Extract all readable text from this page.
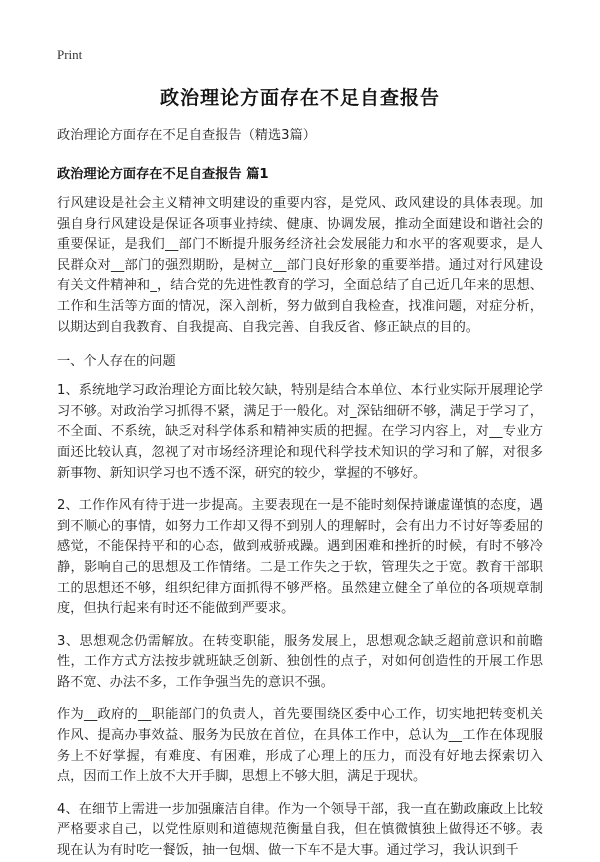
Print
政治理论方面存在不足自查报告
政治理论方面存在不足自查报告（精选3篇）
政治理论方面存在不足自查报告 篇1

行风建设是社会主义精神文明建设的重要内容，是党风、政风建设的具体表现。加强自身行风建设是保证各项事业持续、健康、协调发展，推动全面建设和谐社会的重要保证，是我们__部门不断提升服务经济社会发展能力和水平的客观要求，是人民群众对__部门的强烈期盼，是树立__部门良好形象的重要举措。通过对行风建设有关文件精神和_，结合党的先进性教育的学习，全面总结了自己近几年来的思想、工作和生活等方面的情况，深入剖析，努力做到自我检查，找准问题，对症分析，以期达到自我教育、自我提高、自我完善、自我反省、修正缺点的目的。

一、个人存在的问题

1、系统地学习政治理论方面比较欠缺，特别是结合本单位、本行业实际开展理论学习不够。对政治学习抓得不紧，满足于一般化。对_深钻细研不够，满足于学习了，不全面、不系统，缺乏对科学体系和精神实质的把握。在学习内容上，对__专业方面还比较认真，忽视了对市场经济理论和现代科学技术知识的学习和了解，对很多新事物、新知识学习也不透不深，研究的较少，掌握的不够好。

2、工作作风有待于进一步提高。主要表现在一是不能时刻保持谦虚谨慎的态度，遇到不顺心的事情，如努力工作却又得不到别人的理解时，会有出力不讨好等委屈的感觉，不能保持平和的心态，做到戒骄戒躁。遇到困难和挫折的时候，有时不够冷静，影响自己的思想及工作情绪。二是工作失之于软，管理失之于宽。教育干部职工的思想还不够，组织纪律方面抓得不够严格。虽然建立健全了单位的各项规章制度，但执行起来有时还不能做到严要求。

3、思想观念仍需解放。在转变职能，服务发展上，思想观念缺乏超前意识和前瞻性，工作方式方法按步就班缺乏创新、独创性的点子，对如何创造性的开展工作思路不宽、办法不多，工作争强当先的意识不强。

作为__政府的__职能部门的负责人，首先要围绕区委中心工作，切实地把转变机关作风、提高办事效益、服务为民放在首位，在具体工作中，总认为__工作在体现服务上不好掌握，有难度、有困难，形成了心理上的压力，而没有好地去探索切入点，因而工作上放不大开手脚，思想上不够大胆，满足于现状。

4、在细节上需进一步加强廉洁自律。作为一个领导干部，我一直在勤政廉政上比较严格要求自己，以党性原则和道德规范衡量自我，但在慎微慎独上做得还不够。表现在认为有时吃一餐饭，抽一包烟、做一下车不是大事。通过学习，我认识到千
